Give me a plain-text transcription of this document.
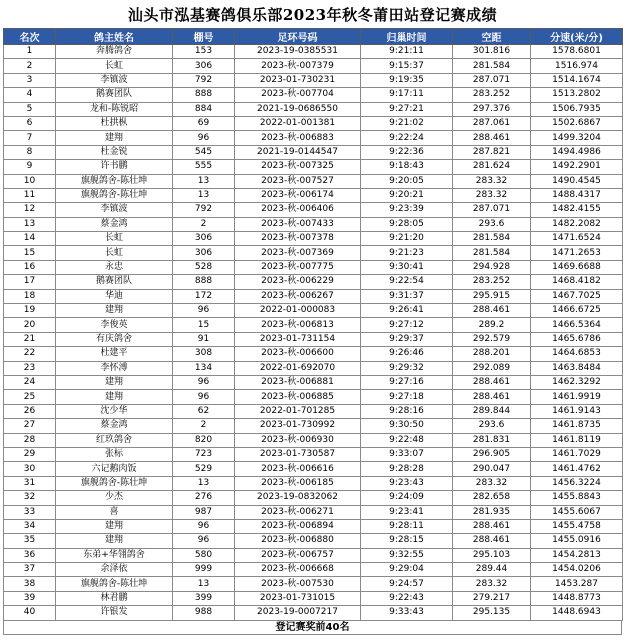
汕头市泓基赛鸽俱乐部2023年秋冬莆田站登记赛成绩
名次	鸽主姓名	棚号	足环号码	归巢时间	空距	分速(米/分)
1	奔腾鸽舍	153	2023-19-0385531	9:21:11	301.816	1578.6801
2	长虹	306	2023-秋-007379	9:15:37	281.584	1516.974
3	李镇波	792	2023-01-730231	9:19:35	287.071	1514.1674
4	鹅赛团队	888	2023-秋-007704	9:17:11	283.252	1513.2802
5	龙和-陈锐昭	884	2021-19-0686550	9:27:21	297.376	1506.7935
6	杜拱枞	69	2022-01-001381	9:21:02	287.061	1502.6867
7	建翔	96	2023-秋-006883	9:22:24	288.461	1499.3204
8	杜金锐	545	2021-19-0144547	9:22:36	287.821	1494.4986
9	许书鹏	555	2023-秋-007325	9:18:43	281.624	1492.2901
10	旗舰鸽舍-陈壮坤	13	2023-秋-007527	9:20:05	283.32	1490.4545
11	旗舰鸽舍-陈壮坤	13	2023-秋-006174	9:20:21	283.32	1488.4317
12	李镇波	792	2023-秋-006406	9:23:39	287.071	1482.4155
13	蔡金鸿	2	2023-秋-007433	9:28:05	293.6	1482.2082
14	长虹	306	2023-秋-007378	9:21:20	281.584	1471.6524
15	长虹	306	2023-秋-007369	9:21:23	281.584	1471.2653
16	永忠	528	2023-秋-007775	9:30:41	294.928	1469.6688
17	鹅赛团队	888	2023-秋-006229	9:22:54	283.252	1468.4182
18	华迪	172	2023-秋-006267	9:31:37	295.915	1467.7025
19	建翔	96	2022-01-000083	9:26:41	288.461	1466.6725
20	李俊英	15	2023-秋-006813	9:27:12	289.2	1466.5364
21	有庆鸽舍	91	2023-01-731154	9:29:37	292.579	1465.6786
22	杜建平	308	2023-秋-006600	9:26:46	288.201	1464.6853
23	李怀溥	134	2022-01-692070	9:29:32	292.089	1463.8484
24	建翔	96	2023-秋-006881	9:27:16	288.461	1462.3292
25	建翔	96	2023-秋-006885	9:27:18	288.461	1461.9919
26	沈少华	62	2022-01-701285	9:28:16	289.844	1461.9143
27	蔡金鸿	2	2023-01-730992	9:30:50	293.6	1461.8735
28	红玖鸽舍	820	2023-秋-006930	9:22:48	281.831	1461.8119
29	张标	723	2023-01-730587	9:33:07	296.905	1461.7029
30	六记鹅肉饭	529	2023-秋-006616	9:28:28	290.047	1461.4762
31	旗舰鸽舍-陈壮坤	13	2023-秋-006185	9:23:43	283.32	1456.3224
32	少杰	276	2023-19-0832062	9:24:09	282.658	1455.8843
33	喜	987	2023-秋-006271	9:23:41	281.935	1455.6067
34	建翔	96	2023-秋-006894	9:28:11	288.461	1455.4758
35	建翔	96	2023-秋-006880	9:28:15	288.461	1455.0916
36	东弟+华翎鸽舍	580	2023-秋-006757	9:32:55	295.103	1454.2813
37	余泽依	999	2023-秋-006668	9:29:04	289.44	1454.0206
38	旗舰鸽舍-陈壮坤	13	2023-秋-007530	9:24:57	283.32	1453.287
39	林君鹏	399	2023-01-731015	9:22:43	279.217	1448.8773
40	许银发	988	2023-19-0007217	9:33:43	295.135	1448.6943
登记赛奖前40名
